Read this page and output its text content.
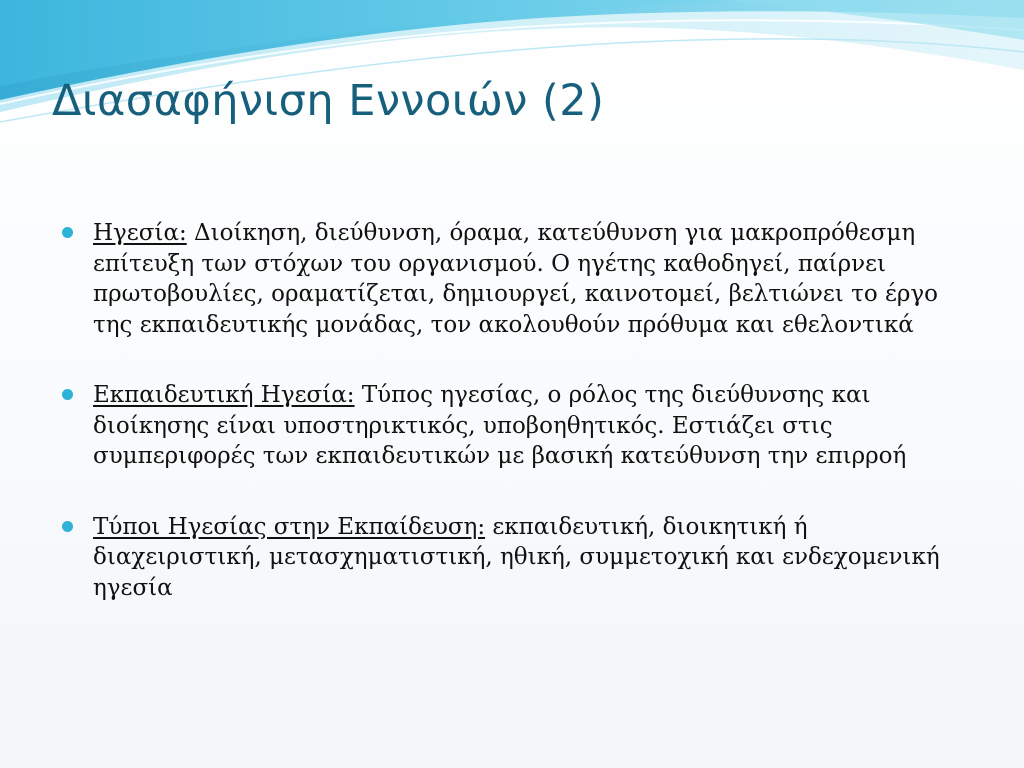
Διασαφήνιση Εννοιών (2)
Ηγεσία: Διοίκηση, διεύθυνση, όραμα, κατεύθυνση για μακροπρόθεσμη επίτευξη των στόχων του οργανισμού. Ο ηγέτης καθοδηγεί, παίρνει πρωτοβουλίες, οραματίζεται, δημιουργεί, καινοτομεί, βελτιώνει το έργο της εκπαιδευτικής μονάδας, τον ακολουθούν πρόθυμα και εθελοντικά
Εκπαιδευτική Ηγεσία: Τύπος ηγεσίας, ο ρόλος της διεύθυνσης και διοίκησης είναι υποστηρικτικός, υποβοηθητικός. Εστιάζει στις συμπεριφορές των εκπαιδευτικών με βασική κατεύθυνση την επιρροή
Τύποι Ηγεσίας στην Εκπαίδευση: εκπαιδευτική, διοικητική ή διαχειριστική, μετασχηματιστική, ηθική, συμμετοχική και ενδεχομενική ηγεσία
